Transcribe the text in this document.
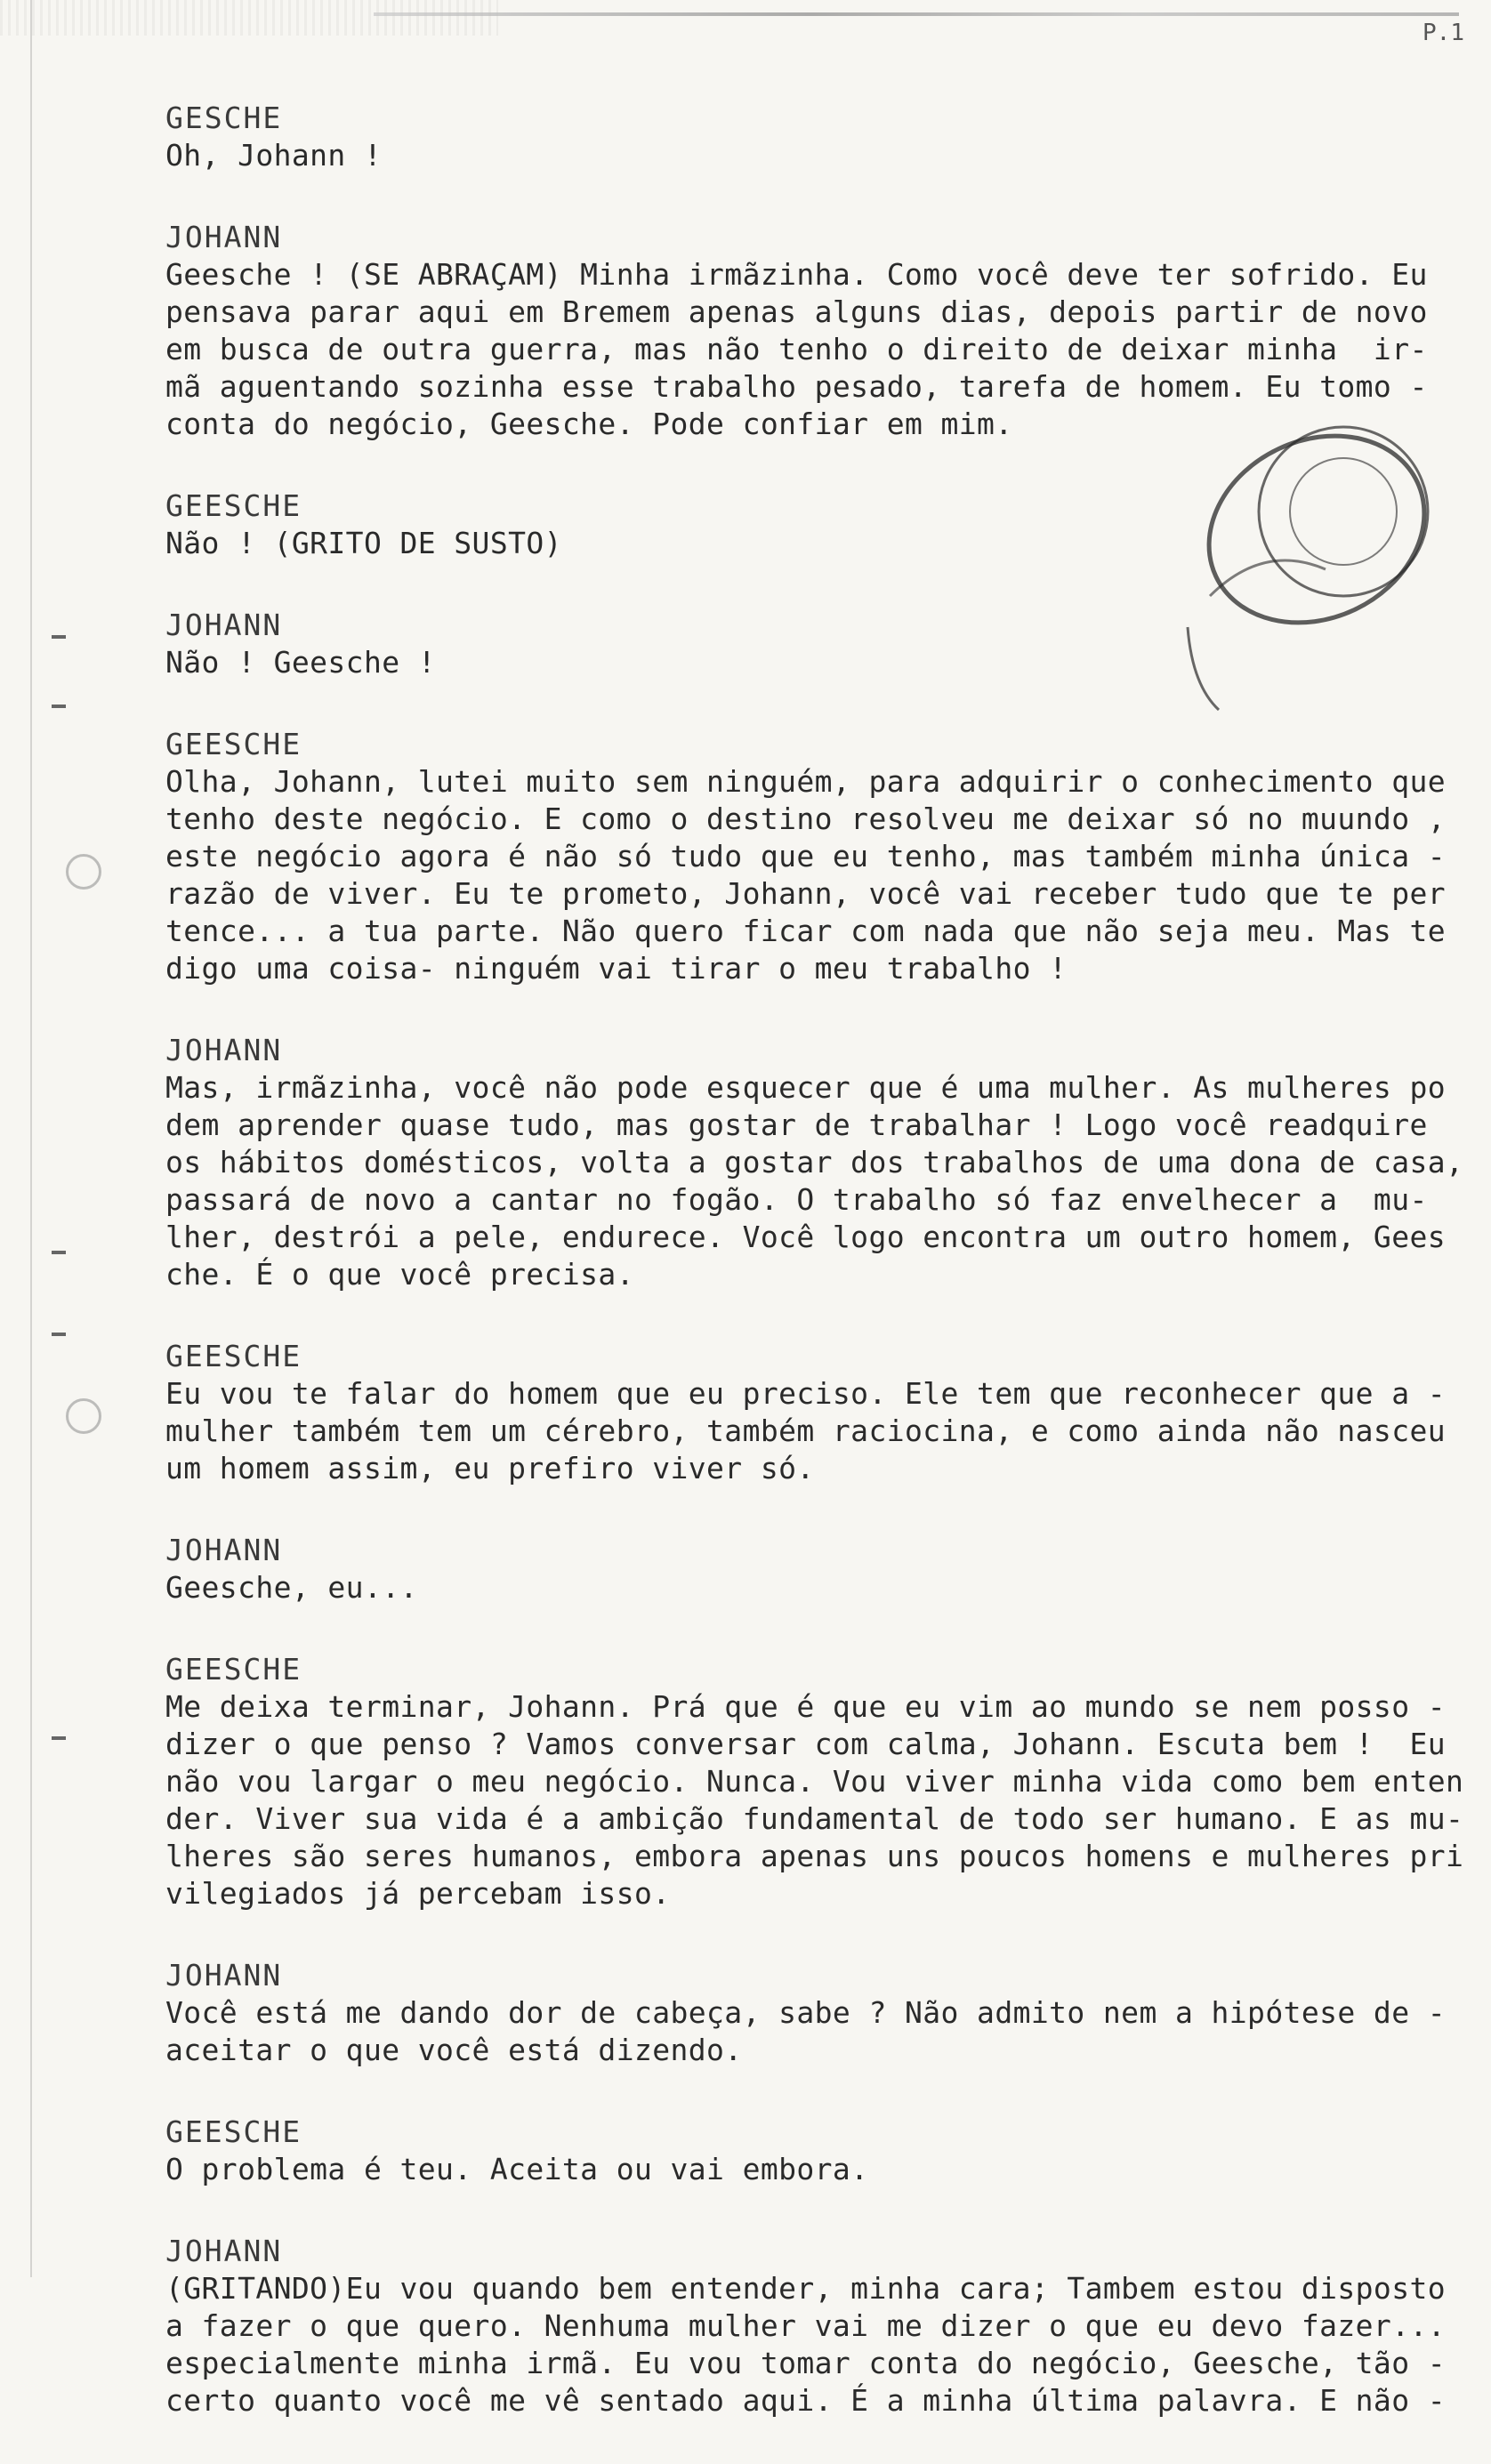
P.1
GESCHE
Oh, Johann !
JOHANN
Geesche ! (SE ABRAÇAM) Minha irmãzinha. Como você deve ter sofrido. Eu
pensava parar aqui em Bremem apenas alguns dias, depois partir de novo
em busca de outra guerra, mas não tenho o direito de deixar minha  ir-
mã aguentando sozinha esse trabalho pesado, tarefa de homem. Eu tomo -
conta do negócio, Geesche. Pode confiar em mim.
GEESCHE
Não ! (GRITO DE SUSTO)
JOHANN
Não ! Geesche !
GEESCHE
Olha, Johann, lutei muito sem ninguém, para adquirir o conhecimento que
tenho deste negócio. E como o destino resolveu me deixar só no muundo ,
este negócio agora é não só tudo que eu tenho, mas também minha única -
razão de viver. Eu te prometo, Johann, você vai receber tudo que te per
tence... a tua parte. Não quero ficar com nada que não seja meu. Mas te
digo uma coisa- ninguém vai tirar o meu trabalho !
JOHANN
Mas, irmãzinha, você não pode esquecer que é uma mulher. As mulheres po
dem aprender quase tudo, mas gostar de trabalhar ! Logo você readquire
os hábitos domésticos, volta a gostar dos trabalhos de uma dona de casa,
passará de novo a cantar no fogão. O trabalho só faz envelhecer a  mu-
lher, destrói a pele, endurece. Você logo encontra um outro homem, Gees
che. É o que você precisa.
GEESCHE
Eu vou te falar do homem que eu preciso. Ele tem que reconhecer que a -
mulher também tem um cérebro, também raciocina, e como ainda não nasceu
um homem assim, eu prefiro viver só.
JOHANN
Geesche, eu...
GEESCHE
Me deixa terminar, Johann. Prá que é que eu vim ao mundo se nem posso -
dizer o que penso ? Vamos conversar com calma, Johann. Escuta bem !  Eu
não vou largar o meu negócio. Nunca. Vou viver minha vida como bem enten
der. Viver sua vida é a ambição fundamental de todo ser humano. E as mu-
lheres são seres humanos, embora apenas uns poucos homens e mulheres pri
vilegiados já percebam isso.
JOHANN
Você está me dando dor de cabeça, sabe ? Não admito nem a hipótese de -
aceitar o que você está dizendo.
GEESCHE
O problema é teu. Aceita ou vai embora.
JOHANN
(GRITANDO)Eu vou quando bem entender, minha cara; Tambem estou disposto
a fazer o que quero. Nenhuma mulher vai me dizer o que eu devo fazer...
especialmente minha irmã. Eu vou tomar conta do negócio, Geesche, tão -
certo quanto você me vê sentado aqui. É a minha última palavra. E não -
